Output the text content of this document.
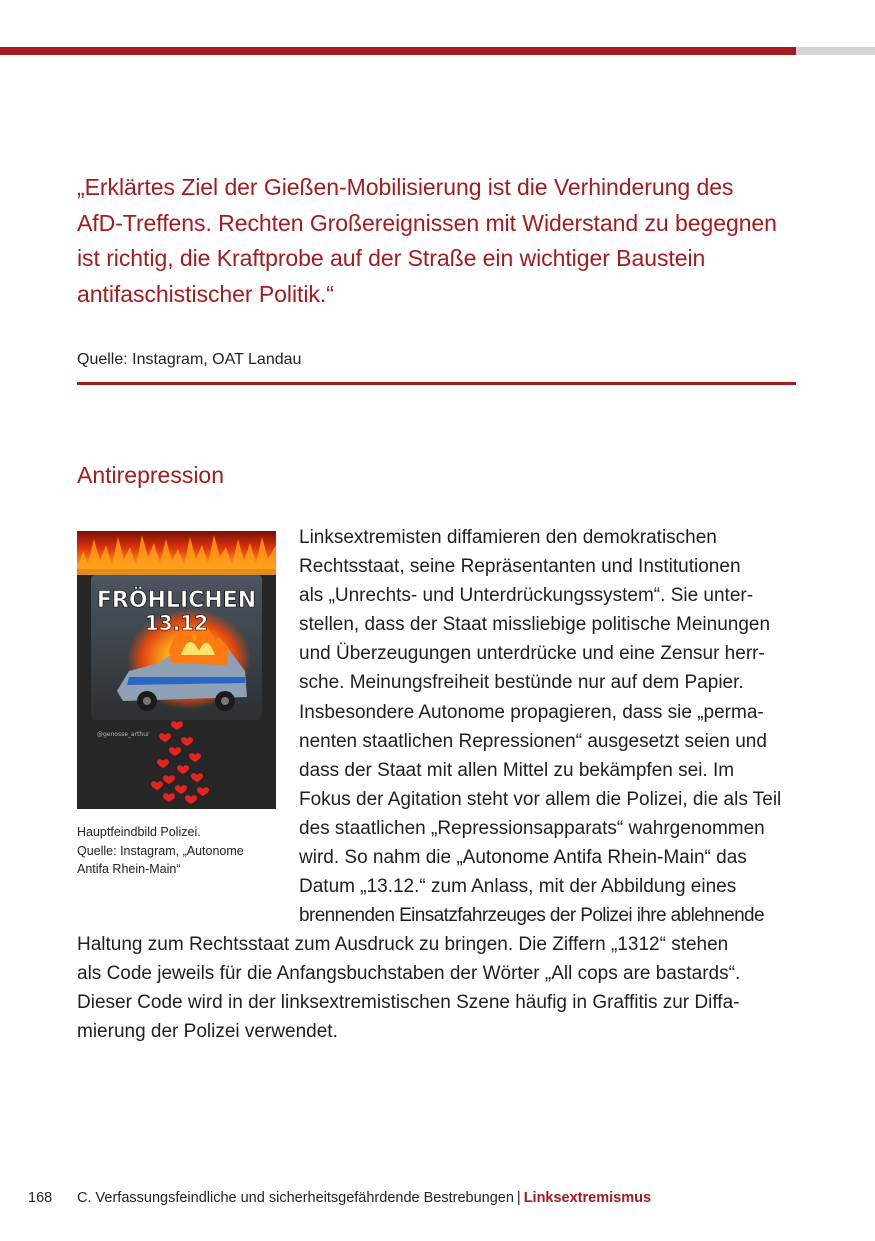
„Erklärtes Ziel der Gießen-Mobilisierung ist die Verhinderung des
AfD-Treffens. Rechten Großereignissen mit Widerstand zu begegnen
ist richtig, die Kraftprobe auf der Straße ein wichtiger Baustein
antifaschistischer Politik.“

Quelle: Instagram, OAT Landau
Antirepression
FRÖHLICHEN
13.12
@genosse_arthur

Hauptfeindbild Polizei.
Quelle: Instagram, „Autonome
Antifa Rhein-Main“

Linksextremisten diffamieren den demokratischen
Rechtsstaat, seine Repräsentanten und Institutionen
als „Unrechts- und Unterdrückungssystem“. Sie unter-
stellen, dass der Staat missliebige politische Meinungen
und Überzeugungen unterdrücke und eine Zensur herr-
sche. Meinungsfreiheit bestünde nur auf dem Papier.
Insbesondere Autonome propagieren, dass sie „perma-
nenten staatlichen Repressionen“ ausgesetzt seien und
dass der Staat mit allen Mittel zu bekämpfen sei. Im
Fokus der Agitation steht vor allem die Polizei, die als Teil
des staatlichen „Repressionsapparats“ wahrgenommen
wird. So nahm die „Autonome Antifa Rhein-Main“ das
Datum „13.12.“ zum Anlass, mit der Abbildung eines
brennenden Einsatzfahrzeuges der Polizei ihre ablehnende
Haltung zum Rechtsstaat zum Ausdruck zu bringen. Die Ziffern „1312“ stehen
als Code jeweils für die Anfangsbuchstaben der Wörter „All cops are bastards“.
Dieser Code wird in der linksextremistischen Szene häufig in Graffitis zur Diffa-
mierung der Polizei verwendet.
168 C. Verfassungsfeindliche und sicherheitsgefährdende Bestrebungen | Linksextremismus
